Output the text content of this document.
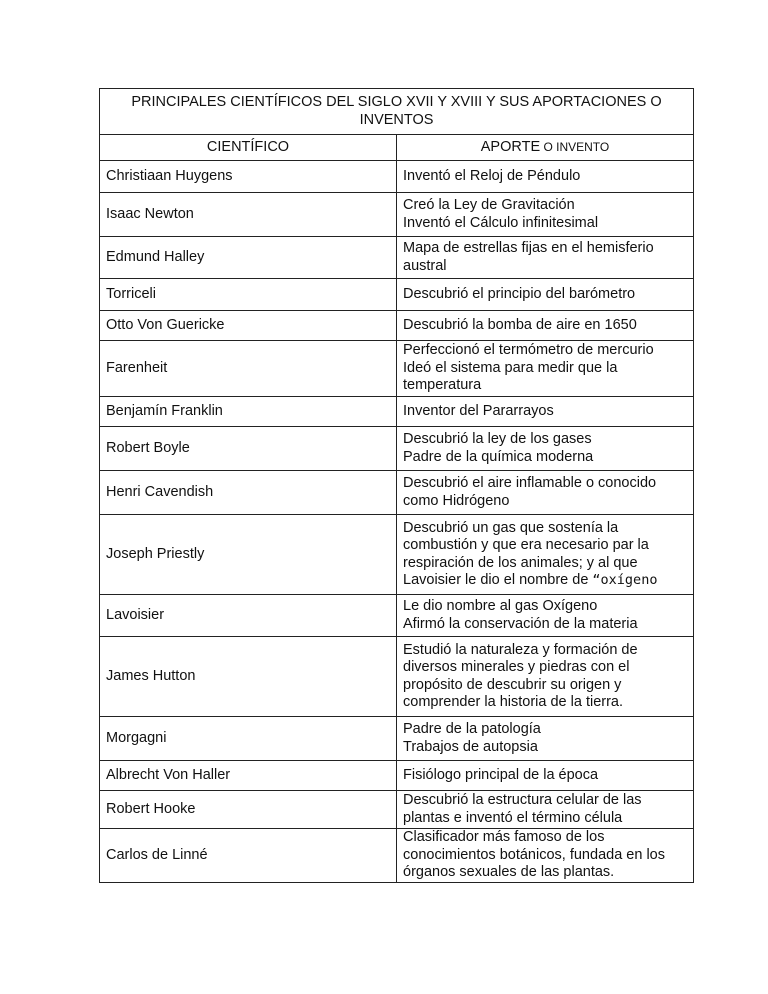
PRINCIPALES CIENTÍFICOS DEL SIGLO XVII Y XVIII Y SUS APORTACIONES O INVENTOS	
CIENTÍFICO	APORTE O INVENTO
Christiaan Huygens	Inventó el Reloj de Péndulo

Isaac Newton	Creó la Ley de Gravitación
Inventó el Cálculo infinitesimal

Edmund Halley	Mapa de estrellas fijas en el hemisferio austral

Torriceli	Descubrió el principio del barómetro

Otto Von Guericke	Descubrió la bomba de aire en 1650

Farenheit	Perfeccionó el termómetro de mercurio
Ideó el sistema para medir que la temperatura

Benjamín Franklin	Inventor del Pararrayos

Robert Boyle	Descubrió la ley de los gases
Padre de la química moderna

Henri Cavendish	Descubrió el aire inflamable o conocido como Hidrógeno

Joseph Priestly	Descubrió un gas que sostenía la combustión y que era necesario par la respiración de los animales; y al que Lavoisier le dio el nombre de “oxígeno
Lavoisier	Le dio nombre al gas Oxígeno
Afirmó la conservación de la materia

James Hutton	Estudió la naturaleza y formación de diversos minerales y piedras con el propósito de descubrir su origen y comprender la historia de la tierra.

Morgagni	Padre de la patología
Trabajos de autopsia

Albrecht Von Haller	Fisiólogo principal de la época

Robert Hooke	Descubrió la estructura celular de las plantas e inventó el término célula

Carlos de Linné	Clasificador más famoso de los conocimientos botánicos, fundada en los órganos sexuales de las plantas.
